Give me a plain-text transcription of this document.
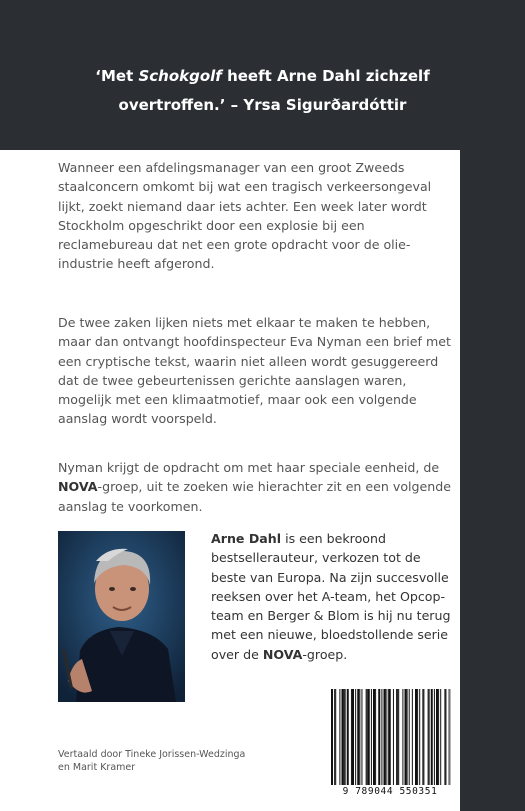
‘Met Schokgolf heeft Arne Dahl zichzelf
overtroffen.’ – Yrsa Sigurðardóttir

Wanneer een afdelingsmanager van een groot Zweeds staalconcern omkomt bij wat een tragisch verkeersongeval lijkt, zoekt niemand daar iets achter. Een week later wordt Stockholm opgeschrikt door een explosie bij een reclamebureau dat net een grote opdracht voor de olie-industrie heeft afgerond.

De twee zaken lijken niets met elkaar te maken te hebben, maar dan ontvangt hoofdinspecteur Eva Nyman een brief met een cryptische tekst, waarin niet alleen wordt gesuggereerd dat de twee gebeurtenissen gerichte aanslagen waren, mogelijk met een klimaatmotief, maar ook een volgende aanslag wordt voorspeld.

Nyman krijgt de opdracht om met haar speciale eenheid, de NOVA-groep, uit te zoeken wie hierachter zit en een volgende aanslag te voorkomen.

Arne Dahl is een bekroond bestsellerauteur, verkozen tot de beste van Europa. Na zijn succesvolle reeksen over het A-team, het Opcop-team en Berger & Blom is hij nu terug met een nieuwe, bloedstollende serie over de NOVA-groep.

Vertaald door Tineke Jorissen-Wedzinga en Marit Kramer

9 789044 550351
